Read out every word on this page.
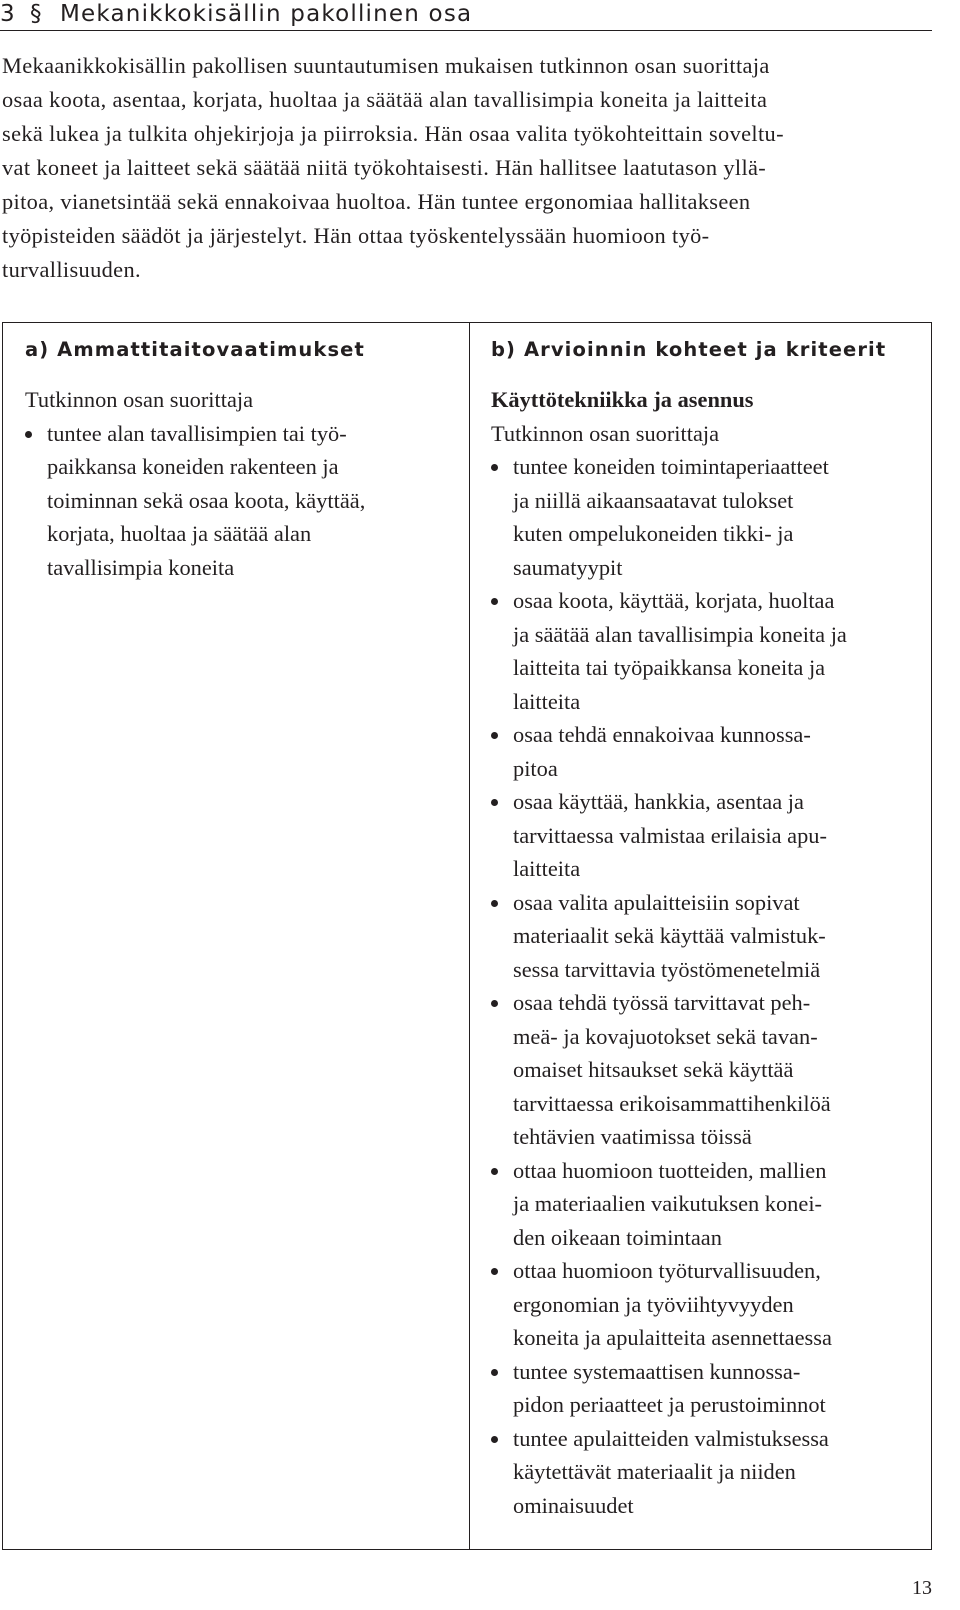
3 § Mekanikkokisällin pakollinen osa

Mekaanikkokisällin pakollisen suuntautumisen mukaisen tutkinnon osan suorittaja
osaa koota, asentaa, korjata, huoltaa ja säätää alan tavallisimpia koneita ja laitteita
sekä lukea ja tulkita ohjekirjoja ja piirroksia. Hän osaa valita työkohteittain soveltu-
vat koneet ja laitteet sekä säätää niitä työkohtaisesti. Hän hallitsee laatutason yllä-
pitoa, vianetsintää sekä ennakoivaa huoltoa. Hän tuntee ergonomiaa hallitakseen
työpisteiden säädöt ja järjestelyt. Hän ottaa työskentelyssään huomioon työ-
turvallisuuden.

a) Ammattitaitovaatimukset	b) Arvioinnin kohteet ja kriteerit
Tutkinnon osan suorittaja
tuntee alan tavallisimpien tai työ-
paikkansa koneiden rakenteen ja
toiminnan sekä osaa koota, käyttää,
korjata, huoltaa ja säätää alan
tavallisimpia koneita
Käyttötekniikka ja asennus
Tutkinnon osan suorittaja
tuntee koneiden toimintaperiaatteet
ja niillä aikaansaatavat tulokset
kuten ompelukoneiden tikki- ja
saumatyypit
osaa koota, käyttää, korjata, huoltaa
ja säätää alan tavallisimpia koneita ja
laitteita tai työpaikkansa koneita ja
laitteita
osaa tehdä ennakoivaa kunnossa-
pitoa
osaa käyttää, hankkia, asentaa ja
tarvittaessa valmistaa erilaisia apu-
laitteita
osaa valita apulaitteisiin sopivat
materiaalit sekä käyttää valmistuk-
sessa tarvittavia työstömenetelmiä
osaa tehdä työssä tarvittavat peh-
meä- ja kovajuotokset sekä tavan-
omaiset hitsaukset sekä käyttää
tarvittaessa erikoisammattihenkilöä
tehtävien vaatimissa töissä
ottaa huomioon tuotteiden, mallien
ja materiaalien vaikutuksen konei-
den oikeaan toimintaan
ottaa huomioon työturvallisuuden,
ergonomian ja työviihtyvyyden
koneita ja apulaitteita asennettaessa
tuntee systemaattisen kunnossa-
pidon periaatteet ja perustoiminnot
tuntee apulaitteiden valmistuksessa
käytettävät materiaalit ja niiden
ominaisuudet
13
